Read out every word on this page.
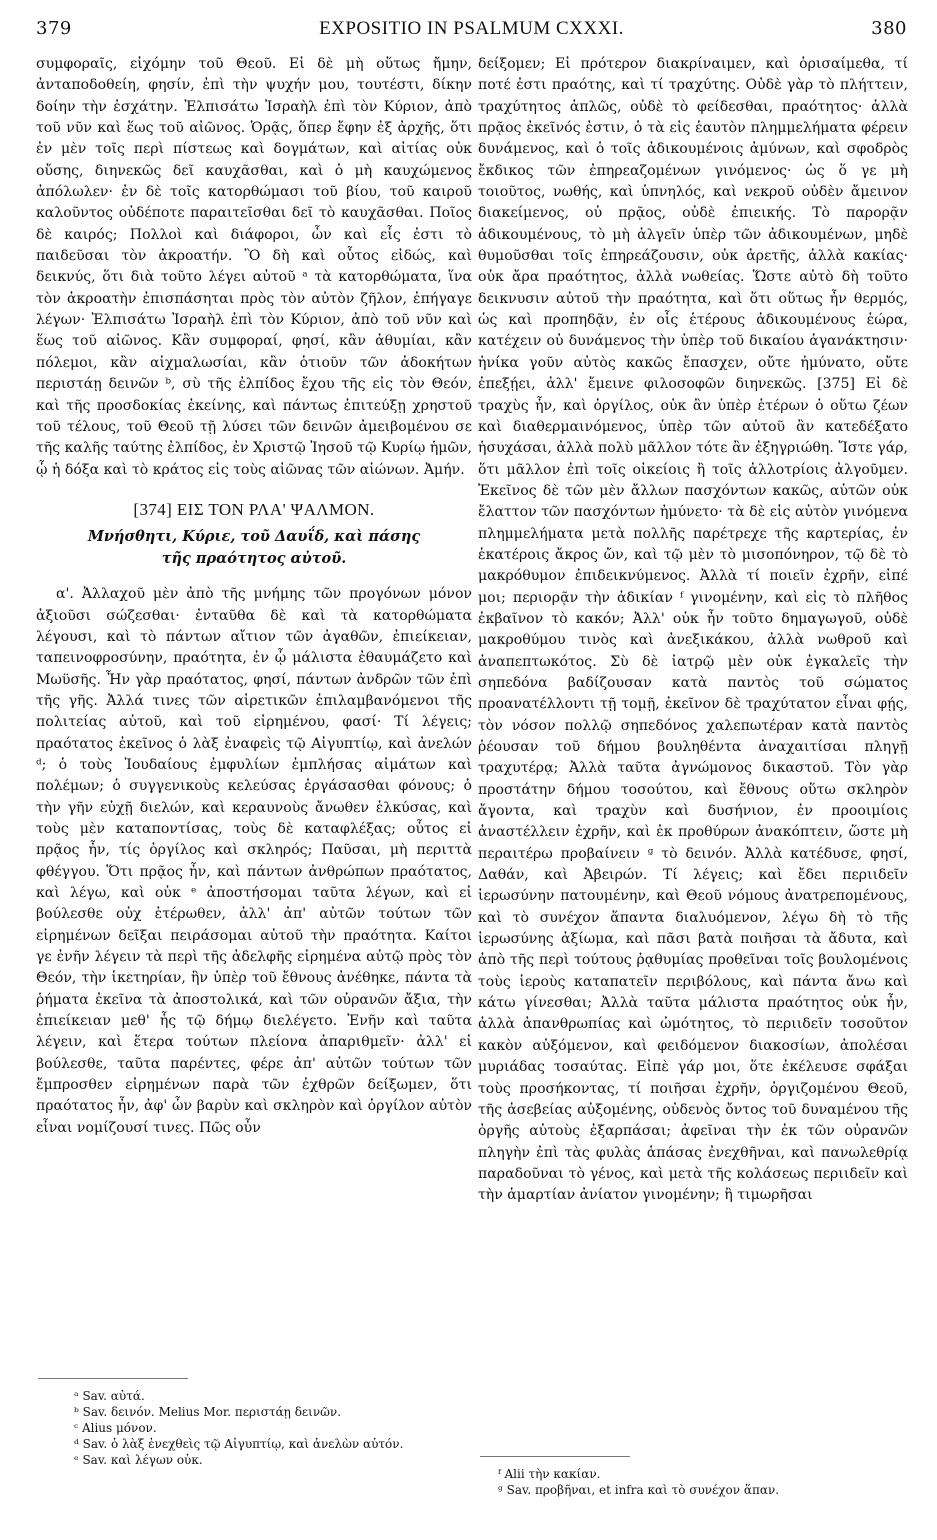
379	EXPOSITIO IN PSALMUM CXXXI.	380

συμφοραῖς, εἰχόμην τοῦ Θεοῦ. Εἰ δὲ μὴ οὕτως ἤμην, ἀνταποδοθείη, φησίν, ἐπὶ τὴν ψυχήν μου, τουτέστι, δίκην δοίην τὴν ἐσχάτην. Ἐλπισάτω Ἰσραὴλ ἐπὶ τὸν Κύριον, ἀπὸ τοῦ νῦν καὶ ἕως τοῦ αἰῶνος. Ὁρᾷς, ὅπερ ἔφην ἐξ ἀρχῆς, ὅτι ἐν μὲν τοῖς περὶ πίστεως καὶ δογμάτων, καὶ αἰτίας οὐκ οὔσης, διηνεκῶς δεῖ καυχᾶσθαι, καὶ ὁ μὴ καυχώμενος ἀπόλωλεν· ἐν δὲ τοῖς κατορθώμασι τοῦ βίου, τοῦ καιροῦ καλοῦντος οὐδέποτε παραιτεῖσθαι δεῖ τὸ καυχᾶσθαι. Ποῖος δὲ καιρός; Πολλοὶ καὶ διάφοροι, ὧν καὶ εἷς ἐστι τὸ παιδεῦσαι τὸν ἀκροατήν. Ὃ δὴ καὶ οὗτος εἰδώς, καὶ δεικνύς, ὅτι διὰ τοῦτο λέγει αὐτοῦ ᵃ τὰ κατορθώματα, ἵνα τὸν ἀκροατὴν ἐπισπάσηται πρὸς τὸν αὐτὸν ζῆλον, ἐπήγαγε λέγων· Ἐλπισάτω Ἰσραὴλ ἐπὶ τὸν Κύριον, ἀπὸ τοῦ νῦν καὶ ἕως τοῦ αἰῶνος. Κἂν συμφοραί, φησί, κἂν ἀθυμίαι, κἂν πόλεμοι, κἂν αἰχμαλωσίαι, κἂν ὁτιοῦν τῶν ἀδοκήτων περιστάῃ δεινῶν ᵇ, σὺ τῆς ἐλπίδος ἔχου τῆς εἰς τὸν Θεόν, καὶ τῆς προσδοκίας ἐκείνης, καὶ πάντως ἐπιτεύξῃ χρηστοῦ τοῦ τέλους, τοῦ Θεοῦ τῇ λύσει τῶν δεινῶν ἀμειβομένου σε τῆς καλῆς ταύτης ἐλπίδος, ἐν Χριστῷ Ἰησοῦ τῷ Κυρίῳ ἡμῶν, ᾧ ἡ δόξα καὶ τὸ κράτος εἰς τοὺς αἰῶνας τῶν αἰώνων. Ἀμήν.

[374] ΕΙΣ ΤΟΝ ΡΛΑ' ΨΑΛΜΟΝ.
Μνήσθητι, Κύριε, τοῦ Δαυΐδ, καὶ πάσης τῆς πραότητος αὐτοῦ.

α'. Ἀλλαχοῦ μὲν ἀπὸ τῆς μνήμης τῶν προγόνων μόνον ἀξιοῦσι σώζεσθαι· ἐνταῦθα δὲ καὶ τὰ κατορθώματα λέγουσι, καὶ τὸ πάντων αἴτιον τῶν ἀγαθῶν, ἐπιείκειαν, ταπεινοφροσύνην, πραότητα, ἐν ᾧ μάλιστα ἐθαυμάζετο καὶ Μωϋσῆς. Ἦν γὰρ πραότατος, φησί, πάντων ἀνδρῶν τῶν ἐπὶ τῆς γῆς. Ἀλλά τινες τῶν αἱρετικῶν ἐπιλαμβανόμενοι τῆς πολιτείας αὐτοῦ, καὶ τοῦ εἰρημένου, φασί· Τί λέγεις; πραότατος ἐκεῖνος ὁ λὰξ ἐναφεὶς τῷ Αἰγυπτίῳ, καὶ ἀνελών ᵈ; ὁ τοὺς Ἰουδαίους ἐμφυλίων ἐμπλήσας αἱμάτων καὶ πολέμων; ὁ συγγενικοὺς κελεύσας ἐργάσασθαι φόνους; ὁ τὴν γῆν εὐχῇ διελών, καὶ κεραυνοὺς ἄνωθεν ἑλκύσας, καὶ τοὺς μὲν καταποντίσας, τοὺς δὲ καταφλέξας; οὗτος εἰ πρᾷος ἦν, τίς ὀργίλος καὶ σκληρός; Παῦσαι, μὴ περιττὰ φθέγγου. Ὅτι πρᾷος ἦν, καὶ πάντων ἀνθρώπων πραότατος, καὶ λέγω, καὶ οὐκ ᵉ ἀποστήσομαι ταῦτα λέγων, καὶ εἰ βούλεσθε οὐχ ἑτέρωθεν, ἀλλ' ἀπ' αὐτῶν τούτων τῶν εἰρημένων δεῖξαι πειράσομαι αὐτοῦ τὴν πραότητα. Καίτοι γε ἐνῆν λέγειν τὰ περὶ τῆς ἀδελφῆς εἰρημένα αὐτῷ πρὸς τὸν Θεόν, τὴν ἱκετηρίαν, ἣν ὑπὲρ τοῦ ἔθνους ἀνέθηκε, πάντα τὰ ῥήματα ἐκεῖνα τὰ ἀποστολικά, καὶ τῶν οὐρανῶν ἄξια, τὴν ἐπιείκειαν μεθ' ἧς τῷ δήμῳ διελέγετο. Ἐνῆν καὶ ταῦτα λέγειν, καὶ ἕτερα τούτων πλείονα ἀπαριθμεῖν· ἀλλ' εἰ βούλεσθε, ταῦτα παρέντες, φέρε ἀπ' αὐτῶν τούτων τῶν ἔμπροσθεν εἰρημένων παρὰ τῶν ἐχθρῶν δείξωμεν, ὅτι πραότατος ἦν, ἀφ' ὧν βαρὺν καὶ σκληρὸν καὶ ὀργίλον αὐτὸν εἶναι νομίζουσί τινες. Πῶς οὖν

δείξομεν; Εἰ πρότερον διακρίναιμεν, καὶ ὁρισαίμεθα, τί ποτέ ἐστι πραότης, καὶ τί τραχύτης. Οὐδὲ γὰρ τὸ πλήττειν, τραχύτητος ἁπλῶς, οὐδὲ τὸ φείδεσθαι, πραότητος· ἀλλὰ πρᾷος ἐκεῖνός ἐστιν, ὁ τὰ εἰς ἑαυτὸν πλημμελήματα φέρειν δυνάμενος, καὶ ὁ τοῖς ἀδικουμένοις ἀμύνων, καὶ σφοδρὸς ἔκδικος τῶν ἐπηρεαζομένων γινόμενος· ὡς ὅ γε μὴ τοιοῦτος, νωθής, καὶ ὑπνηλός, καὶ νεκροῦ οὐδὲν ἄμεινον διακείμενος, οὐ πρᾷος, οὐδὲ ἐπιεικής. Τὸ παρορᾷν ἀδικουμένους, τὸ μὴ ἀλγεῖν ὑπὲρ τῶν ἀδικουμένων, μηδὲ θυμοῦσθαι τοῖς ἐπηρεάζουσιν, οὐκ ἀρετῆς, ἀλλὰ κακίας· οὐκ ἄρα πραότητος, ἀλλὰ νωθείας. Ὥστε αὐτὸ δὴ τοῦτο δεικνυσιν αὐτοῦ τὴν πραότητα, καὶ ὅτι οὕτως ἦν θερμός, ὡς καὶ προπηδᾷν, ἐν οἷς ἑτέρους ἀδικουμένους ἑώρα, κατέχειν οὐ δυνάμενος τὴν ὑπὲρ τοῦ δικαίου ἀγανάκτησιν· ἡνίκα γοῦν αὐτὸς κακῶς ἔπασχεν, οὔτε ἠμύνατο, οὔτε ἐπεξῄει, ἀλλ' ἔμεινε φιλοσοφῶν διηνεκῶς. [375] Εἰ δὲ τραχὺς ἦν, καὶ ὀργίλος, οὐκ ἂν ὑπὲρ ἑτέρων ὁ οὕτω ζέων καὶ διαθερμαινόμενος, ὑπὲρ τῶν αὐτοῦ ἂν κατεδέξατο ἡσυχάσαι, ἀλλὰ πολὺ μᾶλλον τότε ἂν ἐξηγριώθη. Ἴστε γάρ, ὅτι μᾶλλον ἐπὶ τοῖς οἰκείοις ἢ τοῖς ἀλλοτρίοις ἀλγοῦμεν. Ἐκεῖνος δὲ τῶν μὲν ἄλλων πασχόντων κακῶς, αὐτῶν οὐκ ἔλαττον τῶν πασχόντων ἠμύνετο· τὰ δὲ εἰς αὐτὸν γινόμενα πλημμελήματα μετὰ πολλῆς παρέτρεχε τῆς καρτερίας, ἐν ἑκατέροις ἄκρος ὤν, καὶ τῷ μὲν τὸ μισοπόνηρον, τῷ δὲ τὸ μακρόθυμον ἐπιδεικνύμενος. Ἀλλὰ τί ποιεῖν ἐχρῆν, εἰπέ μοι; περιορᾷν τὴν ἀδικίαν ᶠ γινομένην, καὶ εἰς τὸ πλῆθος ἐκβαῖνον τὸ κακόν; Ἀλλ' οὐκ ἦν τοῦτο δημαγωγοῦ, οὐδὲ μακροθύμου τινὸς καὶ ἀνεξικάκου, ἀλλὰ νωθροῦ καὶ ἀναπεπτωκότος. Σὺ δὲ ἰατρῷ μὲν οὐκ ἐγκαλεῖς τὴν σηπεδόνα βαδίζουσαν κατὰ παντὸς τοῦ σώματος προανατέλλοντι τῇ τομῇ, ἐκεῖνον δὲ τραχύτατον εἶναι φῄς, τὸν νόσον πολλῷ σηπεδόνος χαλεπωτέραν κατὰ παντὸς ῥέουσαν τοῦ δήμου βουληθέντα ἀναχαιτίσαι πληγῇ τραχυτέρᾳ; Ἀλλὰ ταῦτα ἀγνώμονος δικαστοῦ. Τὸν γὰρ προστάτην δήμου τοσούτου, καὶ ἔθνους οὕτω σκληρὸν ἄγοντα, καὶ τραχὺν καὶ δυσήνιον, ἐν προοιμίοις ἀναστέλλειν ἐχρῆν, καὶ ἐκ προθύρων ἀνακόπτειν, ὥστε μὴ περαιτέρω προβαίνειν ᵍ τὸ δεινόν. Ἀλλὰ κατέδυσε, φησί, Δαθάν, καὶ Ἀβειρών. Τί λέγεις; καὶ ἔδει περιιδεῖν ἱερωσύνην πατουμένην, καὶ Θεοῦ νόμους ἀνατρεπομένους, καὶ τὸ συνέχον ἅπαντα διαλυόμενον, λέγω δὴ τὸ τῆς ἱερωσύνης ἀξίωμα, καὶ πᾶσι βατὰ ποιῆσαι τὰ ἄδυτα, καὶ ἀπὸ τῆς περὶ τούτους ῥᾳθυμίας προθεῖναι τοῖς βουλομένοις τοὺς ἱεροὺς καταπατεῖν περιβόλους, καὶ πάντα ἄνω καὶ κάτω γίνεσθαι; Ἀλλὰ ταῦτα μάλιστα πραότητος οὐκ ἦν, ἀλλὰ ἀπανθρωπίας καὶ ὠμότητος, τὸ περιιδεῖν τοσοῦτον κακὸν αὐξόμενον, καὶ φειδόμενον διακοσίων, ἀπολέσαι μυριάδας τοσαύτας. Εἰπὲ γάρ μοι, ὅτε ἐκέλευσε σφάξαι τοὺς προσήκοντας, τί ποιῆσαι ἐχρῆν, ὀργιζομένου Θεοῦ, τῆς ἀσεβείας αὐξομένης, οὐδενὸς ὄντος τοῦ δυναμένου τῆς ὀργῆς αὐτοὺς ἐξαρπάσαι; ἀφεῖναι τὴν ἐκ τῶν οὐρανῶν πληγὴν ἐπὶ τὰς φυλὰς ἁπάσας ἐνεχθῆναι, καὶ πανωλεθρίᾳ παραδοῦναι τὸ γένος, καὶ μετὰ τῆς κολάσεως περιιδεῖν καὶ τὴν ἁμαρτίαν ἀνίατον γινομένην; ἢ τιμωρῆσαι

ᵃ Sav. αὐτά.
ᵇ Sav. δεινόν. Melius Mor. περιστάῃ δεινῶν.
ᶜ Alius μόνον.
ᵈ Sav. ὁ λὰξ ἐνεχθεὶς τῷ Αἰγυπτίῳ, καὶ ἀνελὼν αὐτόν.
ᵉ Sav. καὶ λέγων οὐκ.
ᶠ Alii τὴν κακίαν.
ᵍ Sav. προβῆναι, et infra καὶ τὸ συνέχον ἅπαν.
